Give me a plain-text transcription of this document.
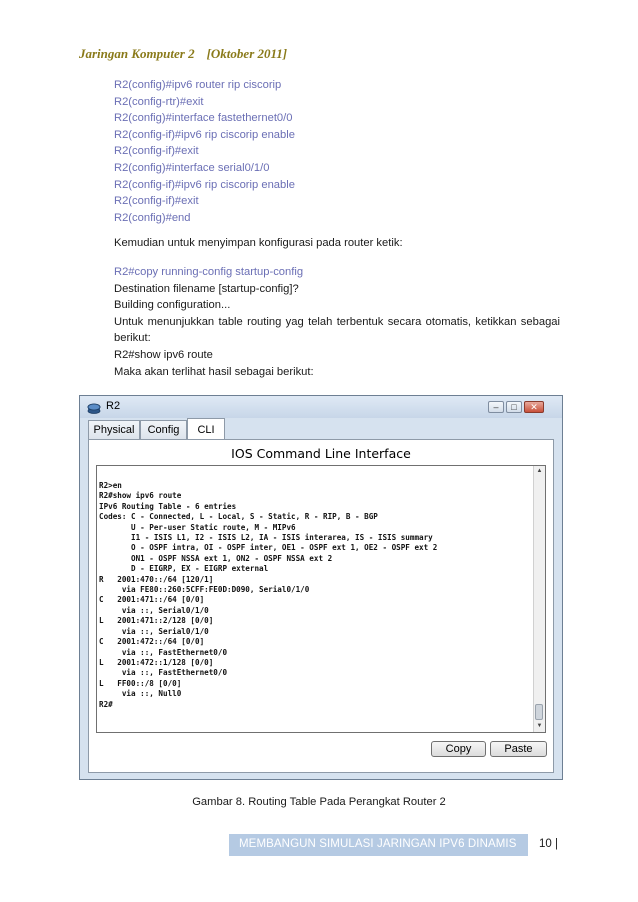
Jaringan Komputer 2 [Oktober 2011]
R2(config)#ipv6 router rip ciscorip
R2(config-rtr)#exit
R2(config)#interface fastethernet0/0
R2(config-if)#ipv6 rip ciscorip enable
R2(config-if)#exit
R2(config)#interface serial0/1/0
R2(config-if)#ipv6 rip ciscorip enable
R2(config-if)#exit
R2(config)#end
Kemudian untuk menyimpan konfigurasi pada router ketik:
R2#copy running-config startup-config
Destination filename [startup-config]?
Building configuration...
Untuk menunjukkan table routing yag telah terbentuk secara otomatis, ketikkan sebagai berikut:
R2#show ipv6 route
Maka akan terlihat hasil sebagai berikut:
R2	–	□	✕
Physical	Config	CLI
IOS Command Line Interface
R2>en
R2#show ipv6 route
IPv6 Routing Table - 6 entries
Codes: C - Connected, L - Local, S - Static, R - RIP, B - BGP
U - Per-user Static route, M - MIPv6
I1 - ISIS L1, I2 - ISIS L2, IA - ISIS interarea, IS - ISIS summary
O - OSPF intra, OI - OSPF inter, OE1 - OSPF ext 1, OE2 - OSPF ext 2
ON1 - OSPF NSSA ext 1, ON2 - OSPF NSSA ext 2
D - EIGRP, EX - EIGRP external
R   2001:470::/64 [120/1]
via FE80::260:5CFF:FE0D:D090, Serial0/1/0
C   2001:471::/64 [0/0]
via ::, Serial0/1/0
L   2001:471::2/128 [0/0]
via ::, Serial0/1/0
C   2001:472::/64 [0/0]
via ::, FastEthernet0/0
L   2001:472::1/128 [0/0]
via ::, FastEthernet0/0
L   FF00::/8 [0/0]
via ::, Null0
R2#
▲
▼
Copy	Paste
Gambar 8. Routing Table Pada Perangkat Router 2
MEMBANGUN SIMULASI JARINGAN IPV6 DINAMIS 10 |
